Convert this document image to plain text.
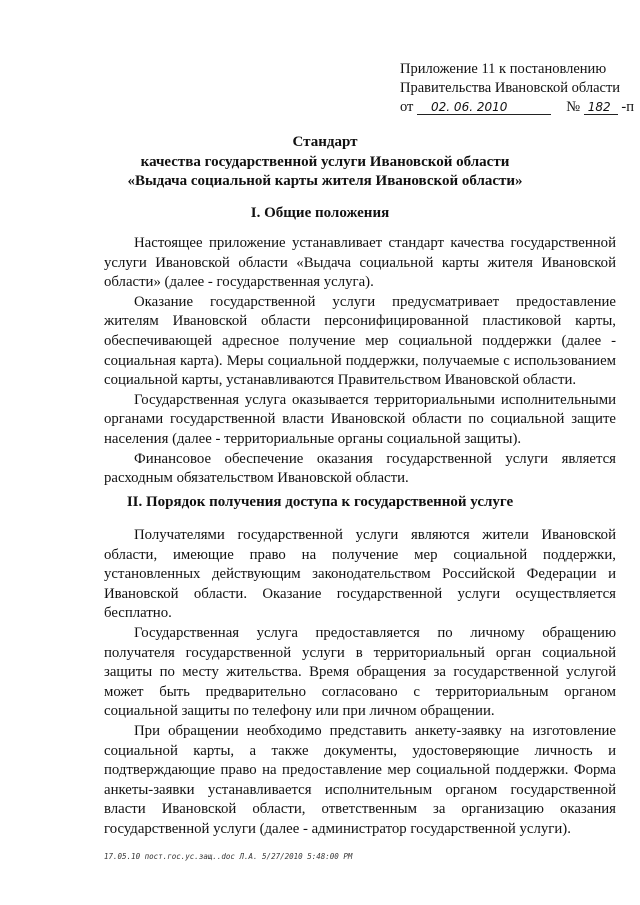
Приложение 11 к постановлению
Правительства Ивановской области
от 02. 06. 2010	№ 182 -п
Стандарт
качества государственной услуги Ивановской области
«Выдача социальной карты жителя Ивановской области»
I. Общие положения

Настоящее приложение устанавливает стандарт качества государственной услуги Ивановской области «Выдача социальной карты жителя Ивановской области» (далее - государственная услуга).

Оказание государственной услуги предусматривает предоставление жителям Ивановской области персонифицированной пластиковой карты, обеспечивающей адресное получение мер социальной поддержки (далее - социальная карта). Меры социальной поддержки, получаемые с использованием социальной карты, устанавливаются Правительством Ивановской области.

Государственная услуга оказывается территориальными исполнительными органами государственной власти Ивановской области по социальной защите населения (далее - территориальные органы социальной защиты).

Финансовое обеспечение оказания государственной услуги является расходным обязательством Ивановской области.

II. Порядок получения доступа к государственной услуге

Получателями государственной услуги являются жители Ивановской области, имеющие право на получение мер социальной поддержки, установленных действующим законодательством Российской Федерации и Ивановской области. Оказание государственной услуги осуществляется бесплатно.

Государственная услуга предоставляется по личному обращению получателя государственной услуги в территориальный орган социальной защиты по месту жительства. Время обращения за государственной услугой может быть предварительно согласовано с территориальным органом социальной защиты по телефону или при личном обращении.

При обращении необходимо представить анкету-заявку на изготовление социальной карты, а также документы, удостоверяющие личность и подтверждающие право на предоставление мер социальной поддержки. Форма анкеты-заявки устанавливается исполнительным органом государственной власти Ивановской области, ответственным за организацию оказания государственной услуги (далее - администратор государственной услуги).

17.05.10 пост.гос.ус.защ..doc Л.А. 5/27/2010 5:48:00 PM
